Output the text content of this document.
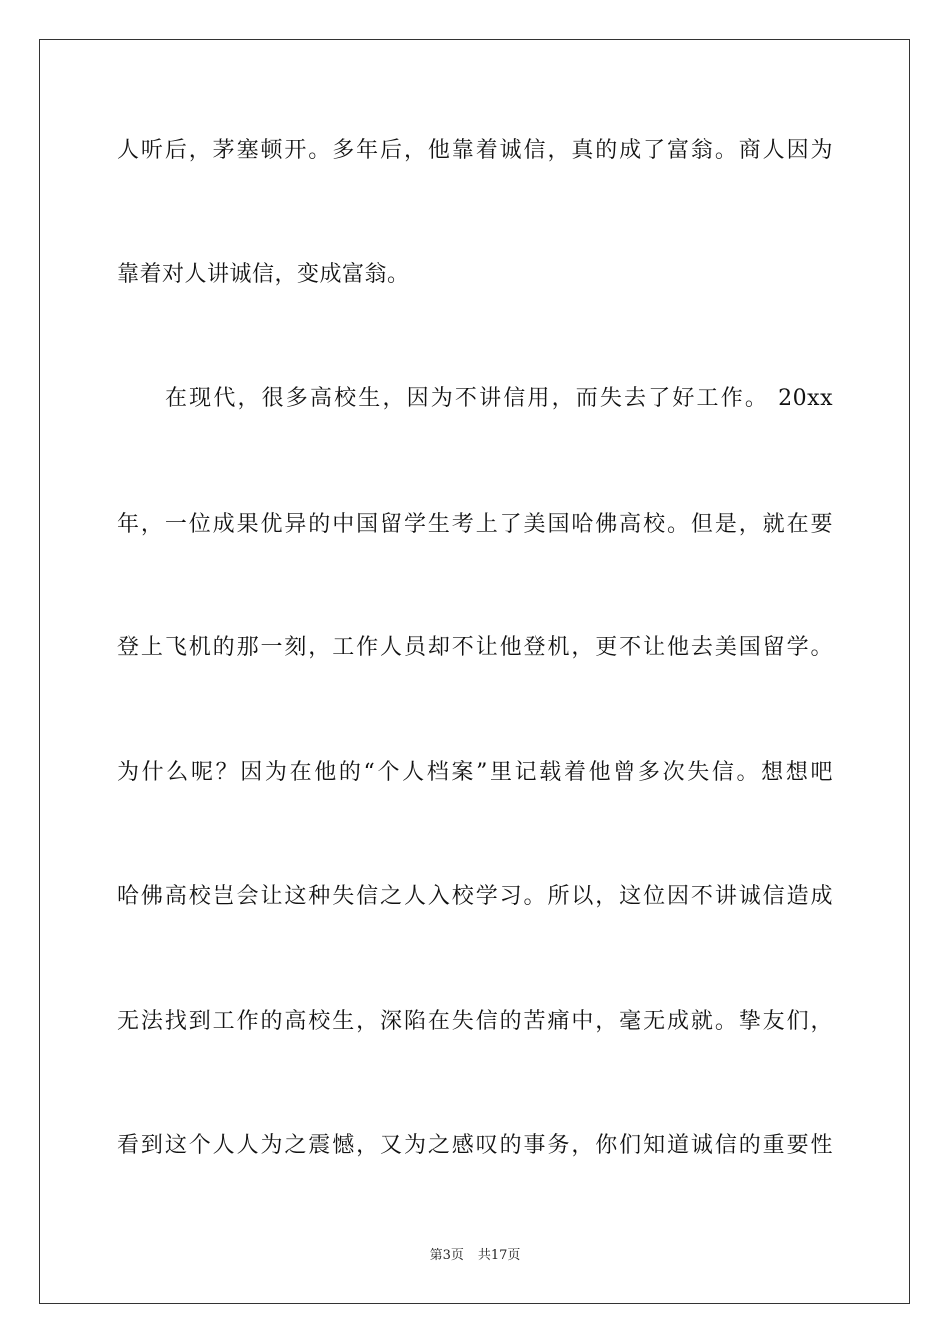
人听后，茅塞顿开。多年后，他靠着诚信，真的成了富翁。商人因为
靠着对人讲诚信，变成富翁。
在现代，很多高校生，因为不讲信用，而失去了好工作。 20xx
年，一位成果优异的中国留学生考上了美国哈佛高校。但是，就在要
登上飞机的那一刻，工作人员却不让他登机，更不让他去美国留学。
为什么呢？因为在他的“个人档案”里记载着他曾多次失信。想想吧
哈佛高校岂会让这种失信之人入校学习。所以，这位因不讲诚信造成
无法找到工作的高校生，深陷在失信的苦痛中，毫无成就。挚友们，
看到这个人人为之震憾，又为之感叹的事务，你们知道诚信的重要性
第3页 共17页
